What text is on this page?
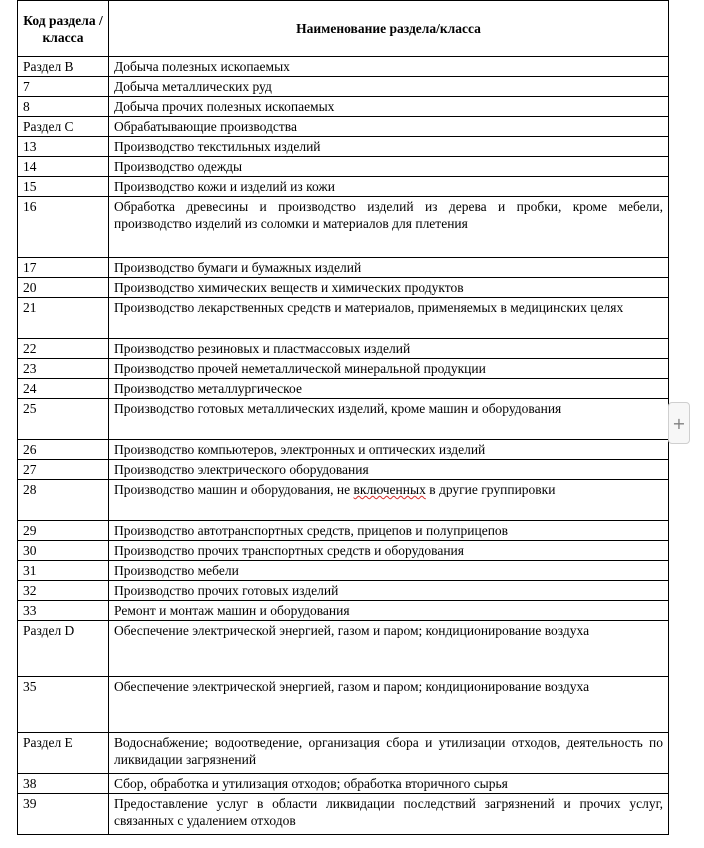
Код раздела /класса	Наименование раздела/класса
Раздел B	Добыча полезных ископаемых
7	Добыча металлических руд
8	Добыча прочих полезных ископаемых
Раздел C	Обрабатывающие производства
13	Производство текстильных изделий
14	Производство одежды
15	Производство кожи и изделий из кожи
16	Обработка древесины и производство изделий из дерева и пробки, кроме мебели, производство изделий из соломки и материалов для плетения
17	Производство бумаги и бумажных изделий
20	Производство химических веществ и химических продуктов
21	Производство лекарственных средств и материалов, применяемых в медицинских целях
22	Производство резиновых и пластмассовых изделий
23	Производство прочей неметаллической минеральной продукции
24	Производство металлургическое
25	Производство готовых металлических изделий, кроме машин и оборудования
26	Производство компьютеров, электронных и оптических изделий
27	Производство электрического оборудования
28	Производство машин и оборудования, не включенных в другие группировки
29	Производство автотранспортных средств, прицепов и полуприцепов
30	Производство прочих транспортных средств и оборудования
31	Производство мебели
32	Производство прочих готовых изделий
33	Ремонт и монтаж машин и оборудования
Раздел D	Обеспечение электрической энергией, газом и паром; кондиционирование воздуха
35	Обеспечение электрической энергией, газом и паром; кондиционирование воздуха
Раздел E	Водоснабжение; водоотведение, организация сбора и утилизации отходов, деятельность по ликвидации загрязнений
38	Сбор, обработка и утилизация отходов; обработка вторичного сырья
39	Предоставление услуг в области ликвидации последствий загрязнений и прочих услуг, связанных с удалением отходов
+
